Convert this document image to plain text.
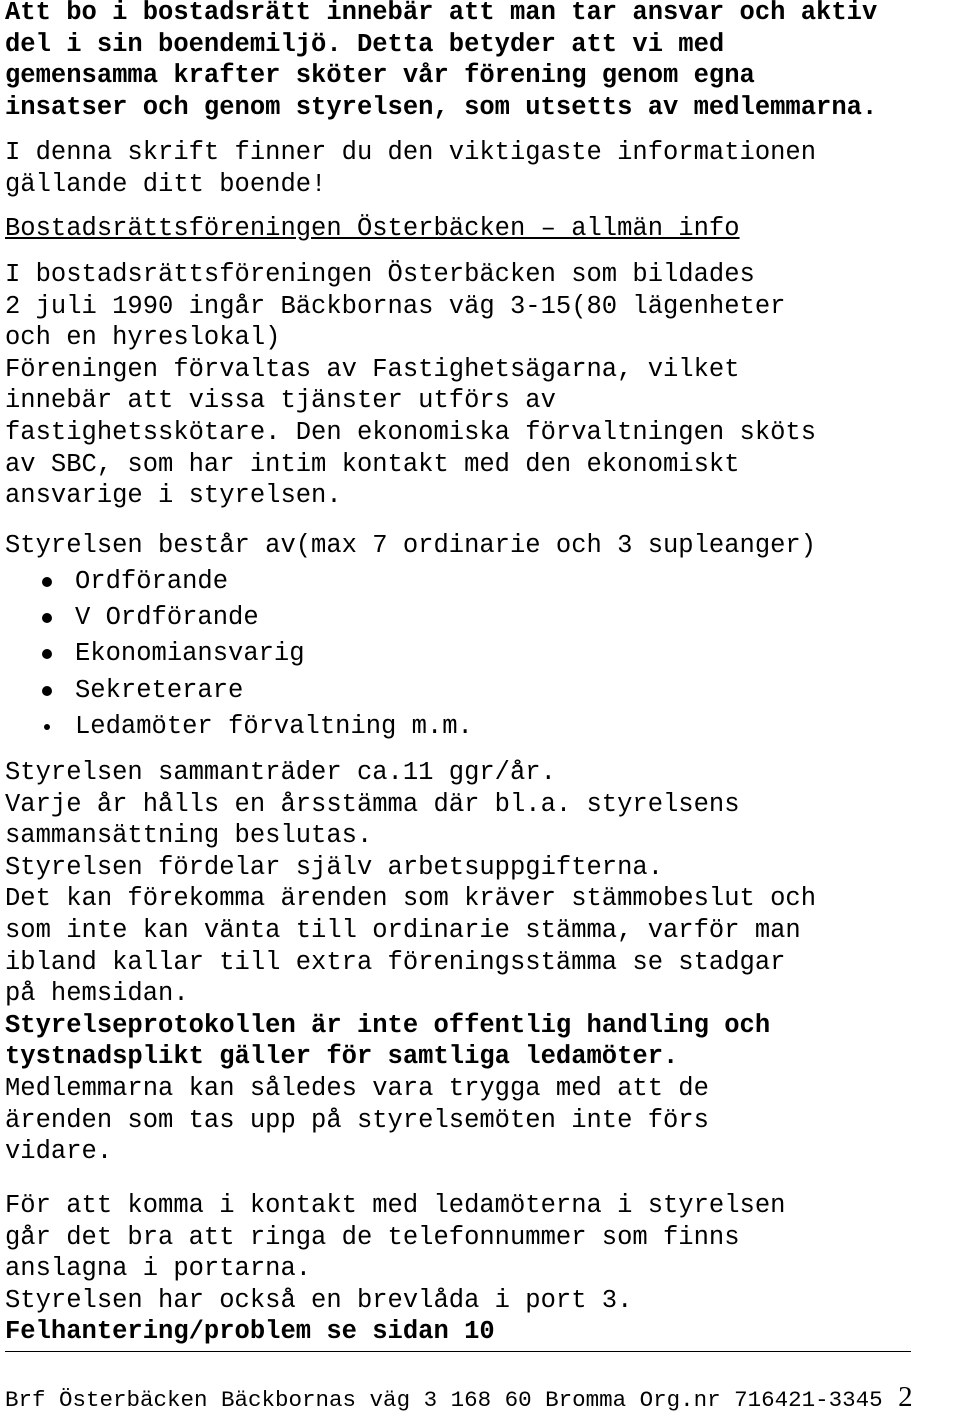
Att bo i bostadsrätt innebär att man tar ansvar och aktiv
del i sin boendemiljö. Detta betyder att vi med
gemensamma krafter sköter vår förening genom egna
insatser och genom styrelsen, som utsetts av medlemmarna.

I denna skrift finner du den viktigaste informationen
gällande ditt boende!

Bostadsrättsföreningen Österbäcken – allmän info

I bostadsrättsföreningen Österbäcken som bildades
2 juli 1990 ingår Bäckbornas väg 3-15(80 lägenheter
och en hyreslokal)

Föreningen förvaltas av Fastighetsägarna, vilket
innebär att vissa tjänster utförs av
fastighetsskötare. Den ekonomiska förvaltningen sköts
av SBC, som har intim kontakt med den ekonomiskt
ansvarige i styrelsen.

Styrelsen består av(max 7 ordinarie och 3 supleanger)

Ordförande
V Ordförande
Ekonomiansvarig
Sekreterare
Ledamöter förvaltning m.m.

Styrelsen sammanträder ca.11 ggr/år.

Varje år hålls en årsstämma där bl.a. styrelsens
sammansättning beslutas.

Styrelsen fördelar själv arbetsuppgifterna.

Det kan förekomma ärenden som kräver stämmobeslut och
som inte kan vänta till ordinarie stämma, varför man
ibland kallar till extra föreningsstämma se stadgar
på hemsidan.

Styrelseprotokollen är inte offentlig handling och
tystnadsplikt gäller för samtliga ledamöter.

Medlemmarna kan således vara trygga med att de
ärenden som tas upp på styrelsemöten inte förs
vidare.

För att komma i kontakt med ledamöterna i styrelsen
går det bra att ringa de telefonnummer som finns
anslagna i portarna.

Styrelsen har också en brevlåda i port 3.

Felhantering/problem se sidan 10

Brf Österbäcken Bäckbornas väg 3 168 60 Bromma Org.nr 716421-3345 2
